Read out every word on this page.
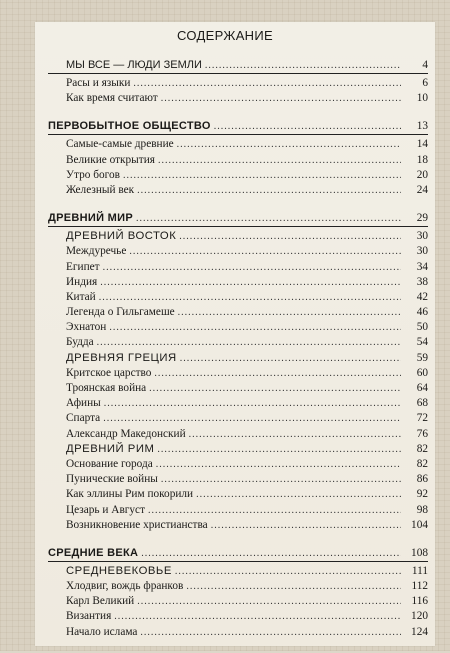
СОДЕРЖАНИЕ
МЫ ВСЕ — ЛЮДИ ЗЕМЛИ .....	4
Расы и языки .....	6
Как время считают .....	10
ПЕРВОБЫТНОЕ ОБЩЕСТВО .....	13
Самые-самые древние .....	14
Великие открытия .....	18
Утро богов .....	20
Железный век .....	24
ДРЕВНИЙ МИР .....	29
ДРЕВНИЙ ВОСТОК .....	30
Междуречье .....	30
Египет .....	34
Индия .....	38
Китай .....	42
Легенда о Гильгамеше .....	46
Эхнатон .....	50
Будда .....	54
ДРЕВНЯЯ ГРЕЦИЯ .....	59
Критское царство .....	60
Троянская война .....	64
Афины .....	68
Спарта .....	72
Александр Македонский .....	76
ДРЕВНИЙ РИМ .....	82
Основание города .....	82
Пунические войны .....	86
Как эллины Рим покорили .....	92
Цезарь и Август .....	98
Возникновение христианства .....	104
СРЕДНИЕ ВЕКА .....	108
СРЕДНЕВЕКОВЬЕ .....	111
Хлодвиг, вождь франков .....	112
Карл Великий .....	116
Византия .....	120
Начало ислама .....	124
